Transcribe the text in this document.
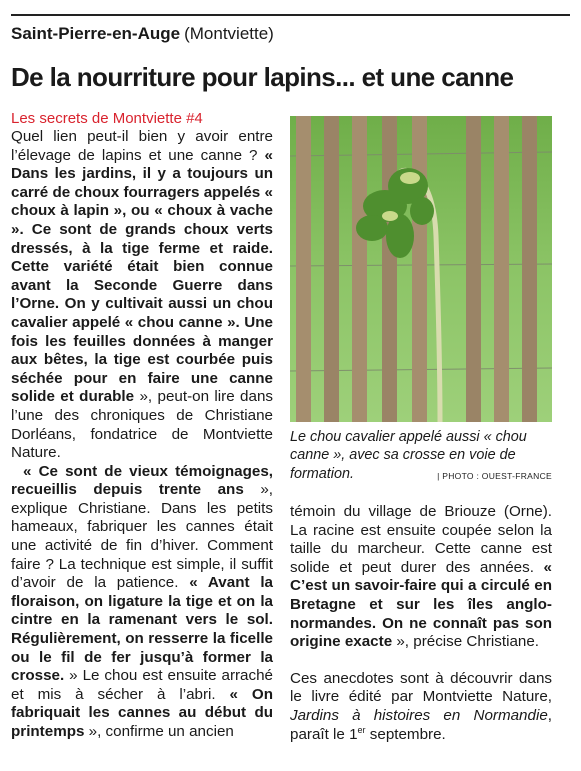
Saint-Pierre-en-Auge (Montviette)
De la nourriture pour lapins... et une canne
Les secrets de Montviette #4

Quel lien peut-il bien y avoir entre l’élevage de lapins et une canne ? « Dans les jardins, il y a toujours un carré de choux fourragers appelés « choux à lapin », ou « choux à vache ». Ce sont de grands choux verts dressés, à la tige ferme et raide. Cette variété était bien connue avant la Seconde Guerre dans l’Orne. On y cultivait aussi un chou cavalier appelé « chou canne ». Une fois les feuilles données à manger aux bêtes, la tige est courbée puis séchée pour en faire une canne solide et durable », peut-on lire dans l’une des chroniques de Christiane Dorléans, fondatrice de Montviette Nature.

« Ce sont de vieux témoignages, recueillis depuis trente ans », explique Christiane. Dans les petits hameaux, fabriquer les cannes était une activité de fin d’hiver. Comment faire ? La technique est simple, il suffit d’avoir de la patience. « Avant la floraison, on ligature la tige et on la cintre en la ramenant vers le sol. Régulièrement, on resserre la ficelle ou le fil de fer jusqu’à former la crosse. » Le chou est ensuite arraché et mis à sécher à l’abri. « On fabriquait les cannes au début du printemps », confirme un ancien

témoin du village de Briouze (Orne). La racine est ensuite coupée selon la taille du marcheur. Cette canne est solide et peut durer des années. « C’est un savoir-faire qui a circulé en Bretagne et sur les îles anglo-normandes. On ne connaît pas son origine exacte », précise Christiane.

Ces anecdotes sont à découvrir dans le livre édité par Montviette Nature, Jardins à histoires en Normandie, paraît le 1er septembre.

Le chou cavalier appelé aussi « chou canne », avec sa crosse en voie de formation.	| PHOTO : OUEST-FRANCE
